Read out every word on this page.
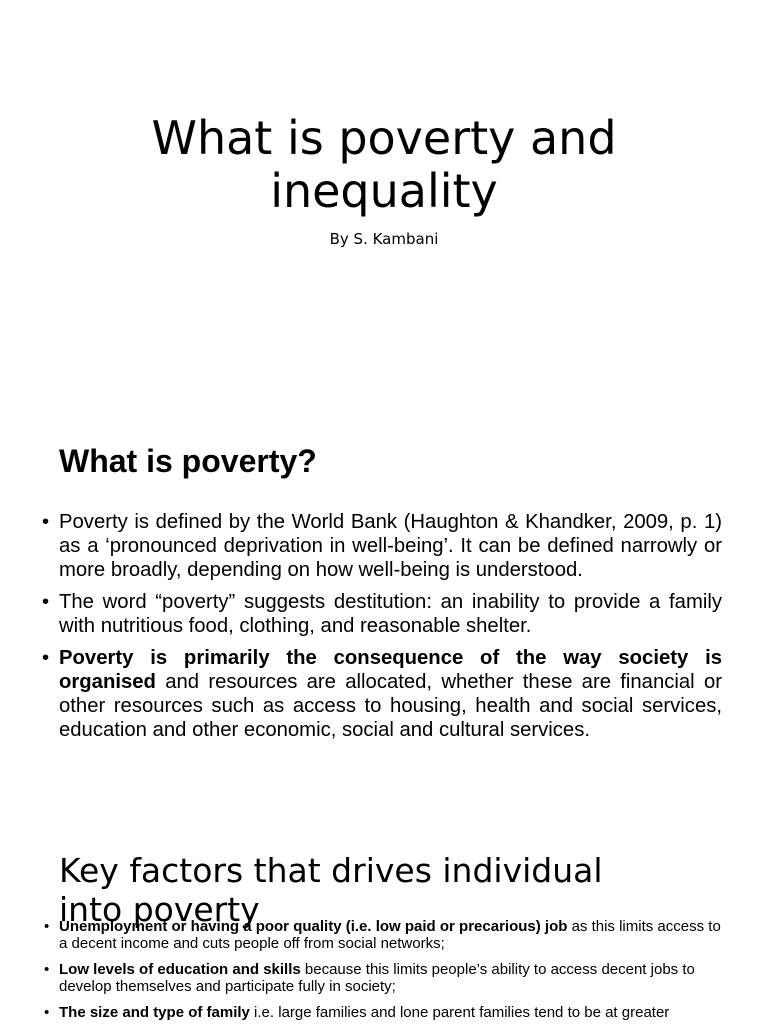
What is poverty and
inequality

By S. Kambani

What is poverty?
• Poverty is defined by the World Bank (Haughton & Khandker, 2009, p. 1) as a ‘pronounced deprivation in well-being’. It can be defined narrowly or more broadly, depending on how well-being is understood.
• The word “poverty” suggests destitution: an inability to provide a family with nutritious food, clothing, and reasonable shelter.
• Poverty is primarily the consequence of the way society is organised and resources are allocated, whether these are financial or other resources such as access to housing, health and social services, education and other economic, social and cultural services.
Key factors that drives individual
into poverty
• Unemployment or having a poor quality (i.e. low paid or precarious) job as this limits access to a decent income and cuts people off from social networks;
• Low levels of education and skills because this limits people’s ability to access decent jobs to develop themselves and participate fully in society;
• The size and type of family i.e. large families and lone parent families tend to be at greater
